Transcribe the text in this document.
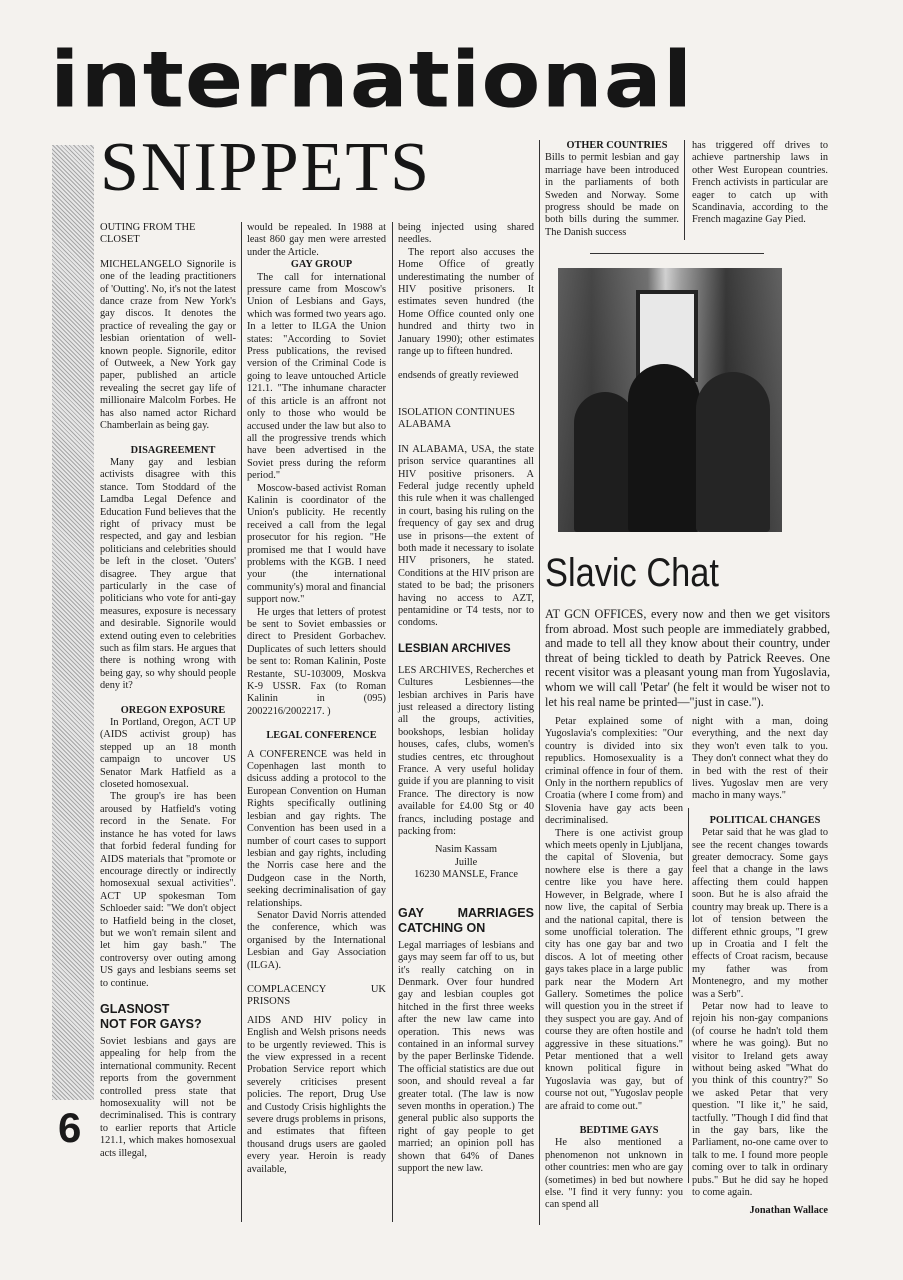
international
SNIPPETS
6

OUTING FROM THE CLOSET

MICHELANGELO Signorile is one of the leading practitioners of 'Outting'. No, it's not the latest dance craze from New York's gay discos. It denotes the practice of revealing the gay or lesbian orientation of well-known people. Signorile, editor of Outweek, a New York gay paper, published an article revealing the secret gay life of millionaire Malcolm Forbes. He has also named actor Richard Chamberlain as being gay.

DISAGREEMENT

Many gay and lesbian activists disagree with this stance. Tom Stoddard of the Lamdba Legal Defence and Education Fund believes that the right of privacy must be respected, and gay and lesbian politicians and celebrities should be left in the closet. 'Outers' disagree. They argue that particularly in the case of politicians who vote for anti-gay measures, exposure is necessary and desirable. Signorile would extend outing even to celebrities such as film stars. He argues that there is nothing wrong with being gay, so why should people deny it?

OREGON EXPOSURE

In Portland, Oregon, ACT UP (AIDS activist group) has stepped up an 18 month campaign to uncover US Senator Mark Hatfield as a closeted homosexual.

The group's ire has been aroused by Hatfield's voting record in the Senate. For instance he has voted for laws that forbid federal funding for AIDS materials that "promote or encourage directly or indirectly homosexual sexual activities". ACT UP spokesman Tom Schloeder said: "We don't object to Hatfield being in the closet, but we won't remain silent and let him gay bash." The controversy over outing among US gays and lesbians seems set to continue.

GLASNOST

NOT FOR GAYS?

Soviet lesbians and gays are appealing for help from the international community. Recent reports from the government controlled press state that homosexuality will not be decriminalised. This is contrary to earlier reports that Article 121.1, which makes homosexual acts illegal,

would be repealed. In 1988 at least 860 gay men were arrested under the Article.

GAY GROUP

The call for international pressure came from Moscow's Union of Lesbians and Gays, which was formed two years ago. In a letter to ILGA the Union states: "According to Soviet Press publications, the revised version of the Criminal Code is going to leave untouched Article 121.1. "The inhumane character of this article is an affront not only to those who would be accused under the law but also to all the progressive trends which have been advertised in the Soviet press during the reform period."

Moscow-based activist Roman Kalinin is coordinator of the Union's publicity. He recently received a call from the legal prosecutor for his region. "He promised me that I would have problems with the KGB. I need your (the international community's) moral and financial support now."

He urges that letters of protest be sent to Soviet embassies or direct to President Gorbachev. Duplicates of such letters should be sent to: Roman Kalinin, Poste Restante, SU-103009, Moskva K-9 USSR. Fax (to Roman Kalinin in (095) 2002216/2002217. )

LEGAL CONFERENCE

A CONFERENCE was held in Copenhagen last month to dsicuss adding a protocol to the European Convention on Human Rights specifically outlining lesbian and gay rights. The Convention has been used in a number of court cases to support lesbian and gay rights, including the Norris case here and the Dudgeon case in the North, seeking decriminalisation of gay relationships.

Senator David Norris attended the conference, which was organised by the International Lesbian and Gay Association (ILGA).

COMPLACENCY UK PRISONS

AIDS AND HIV policy in English and Welsh prisons needs to be urgently reviewed. This is the view expressed in a recent Probation Service report which severely criticises present policies. The report, Drug Use and Custody Crisis highlights the severe drugs problems in prisons, and estimates that fifteen thousand drugs users are gaoled every year. Heroin is ready available,

being injected using shared needles.

The report also accuses the Home Office of greatly underestimating the number of HIV positive prisoners. It estimates seven hundred (the Home Office counted only one hundred and thirty two in January 1990); other estimates range up to fifteen hundred.

endsends of greatly reviewed

ISOLATION CONTINUES ALABAMA

IN ALABAMA, USA, the state prison service quarantines all HIV positive prisoners. A Federal judge recently upheld this rule when it was challenged in court, basing his ruling on the frequency of gay sex and drug use in prisons—the extent of both made it necessary to isolate HIV prisoners, he stated. Conditions at the HIV prison are stated to be bad; the prisoners having no access to AZT, pentamidine or T4 tests, nor to condoms.

LESBIAN ARCHIVES

LES ARCHIVES, Recherches et Cultures Lesbiennes—the lesbian archives in Paris have just released a directory listing all the groups, activities, bookshops, lesbian holiday houses, cafes, clubs, women's studies centres, etc throughout France. A very useful holiday guide if you are planning to visit France. The directory is now available for £4.00 Stg or 40 francs, including postage and packing from:

Nasim Kassam

Juille

16230 MANSLE, France

GAY MARRIAGES CATCHING ON

Legal marriages of lesbians and gays may seem far off to us, but it's really catching on in Denmark. Over four hundred gay and lesbian couples got hitched in the first three weeks after the new law came into operation. This news was contained in an informal survey by the paper Berlinske Tidende. The official statistics are due out soon, and should reveal a far greater total. (The law is now seven months in operation.) The general public also supports the right of gay people to get married; an opinion poll has shown that 64% of Danes support the new law.

OTHER COUNTRIES

Bills to permit lesbian and gay marriage have been introduced in the parliaments of both Sweden and Norway. Some progress should be made on both bills during the summer. The Danish success

has triggered off drives to achieve partnership laws in other West European countries. French activists in particular are eager to catch up with Scandinavia, according to the French magazine Gay Pied.

Slavic Chat
AT GCN OFFICES, every now and then we get visitors from abroad. Most such people are immediately grabbed, and made to tell all they know about their country, under threat of being tickled to death by Patrick Reeves. One recent visitor was a pleasant young man from Yugoslavia, whom we will call 'Petar' (he felt it would be wiser not to let his real name be printed—"just in case.").

Petar explained some of Yugoslavia's complexities: "Our country is divided into six republics. Homosexuality is a criminal offence in four of them. Only in the northern republics of Croatia (where I come from) and Slovenia have gay acts been decriminalised.

There is one activist group which meets openly in Ljubljana, the capital of Slovenia, but nowhere else is there a gay centre like you have here. However, in Belgrade, where I now live, the capital of Serbia and the national capital, there is some unofficial toleration. The city has one gay bar and two discos. A lot of meeting other gays takes place in a large public park near the Modern Art Gallery. Sometimes the police will question you in the street if they suspect you are gay. And of course they are often hostile and aggressive in these situations." Petar mentioned that a well known political figure in Yugoslavia was gay, but of course not out, "Yugoslav people are afraid to come out."

BEDTIME GAYS

He also mentioned a phenomenon not unknown in other countries: men who are gay (sometimes) in bed but nowhere else. "I find it very funny: you can spend all

night with a man, doing everything, and the next day they won't even talk to you. They don't connect what they do in bed with the rest of their lives. Yugoslav men are very macho in many ways."

POLITICAL CHANGES

Petar said that he was glad to see the recent changes towards greater democracy. Some gays feel that a change in the laws affecting them could happen soon. But he is also afraid the country may break up. There is a lot of tension between the different ethnic groups, "I grew up in Croatia and I felt the effects of Croat racism, because my father was from Montenegro, and my mother was a Serb".

Petar now had to leave to rejoin his non-gay companions (of course he hadn't told them where he was going). But no visitor to Ireland gets away without being asked "What do you think of this country?" So we asked Petar that very question. "I like it," he said, tactfully. "Though I did find that in the gay bars, like the Parliament, no-one came over to talk to me. I found more people coming over to talk in ordinary pubs." But he did say he hoped to come again.

Jonathan Wallace
